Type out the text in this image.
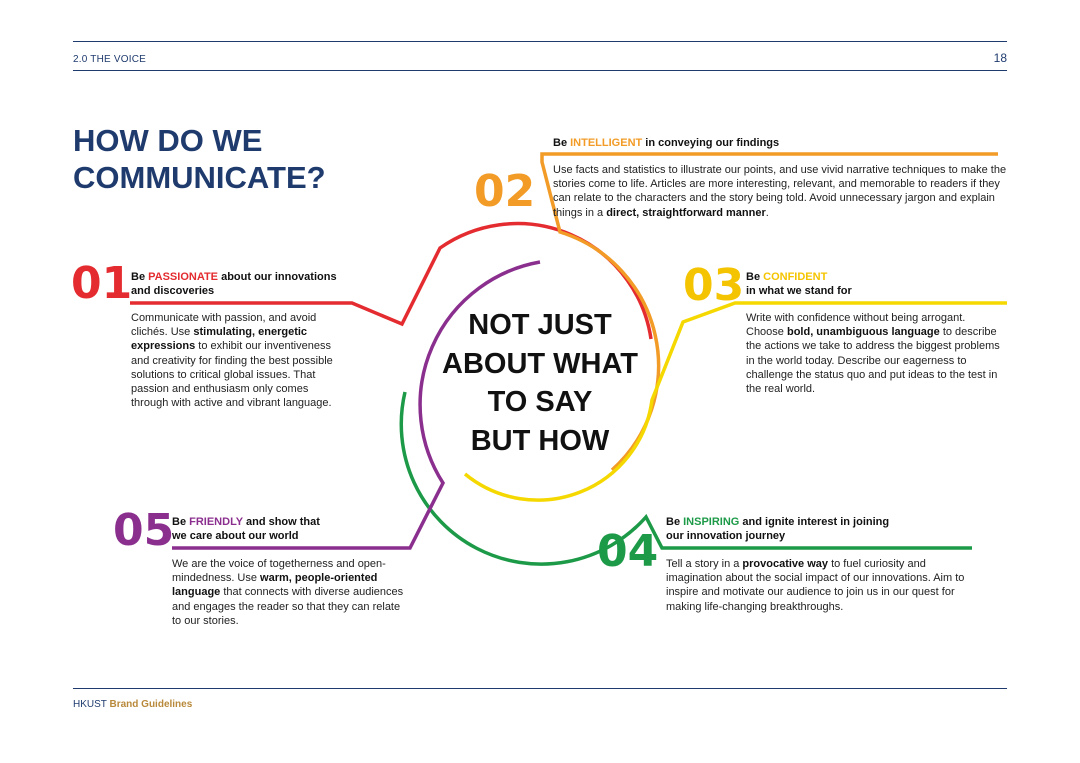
2.0 THE VOICE	18
HOW DO WE
COMMUNICATE?
NOT JUST
ABOUT WHAT
TO SAY
BUT HOW
01
Be PASSIONATE about our innovations
and discoveries
Communicate with passion, and avoid clichés. Use stimulating, energetic expressions to exhibit our inventiveness and creativity for finding the best possible solutions to critical global issues. That passion and enthusiasm only comes through with active and vibrant language.
02
Be INTELLIGENT in conveying our findings
Use facts and statistics to illustrate our points, and use vivid narrative techniques to make the stories come to life. Articles are more interesting, relevant, and memorable to readers if they can relate to the characters and the story being told. Avoid unnecessary jargon and explain things in a direct, straightforward manner.
03 Be CONFIDENT
in what we stand for
Write with confidence without being arrogant. Choose bold, unambiguous language to describe the actions we take to address the biggest problems in the world today. Describe our eagerness to challenge the status quo and put ideas to the test in the real world.
04
Be INSPIRING and ignite interest in joining
our innovation journey
Tell a story in a provocative way to fuel curiosity and imagination about the social impact of our innovations. Aim to inspire and motivate our audience to join us in our quest for making life-changing breakthroughs.
05
Be FRIENDLY and show that
we care about our world
We are the voice of togetherness and open-mindedness. Use warm, people-oriented language that connects with diverse audiences and engages the reader so that they can relate to our stories.
HKUST Brand Guidelines
